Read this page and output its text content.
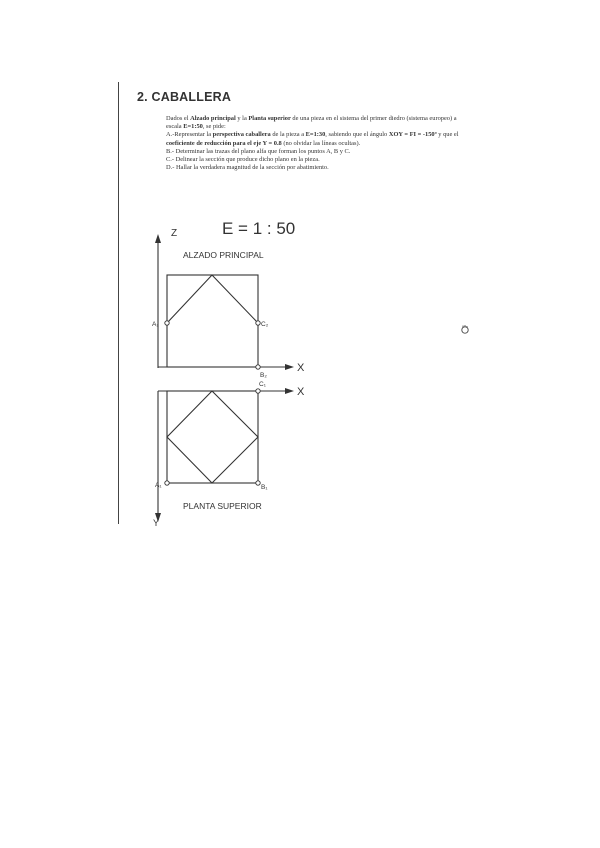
2. CABALLERA

Dados el Alzado principal y la Planta superior de una pieza en el sistema del primer diedro (sistema europeo) a

escala E=1:50, se pide:

A.-Representar la perspectiva caballera de la pieza a E=1:30, sabiendo que el ángulo XOY = FI = -150º y que el
coeficiente de reducción para el eje Y = 0.8 (no olvidar las líneas ocultas).

B.- Determinar las trazas del plano alfa que forman los puntos A, B y C.

C.- Delinear la sección que produce dicho plano en la pieza.

D.- Hallar la verdadera magnitud de la sección por abatimiento.

E = 1 : 50
Z
ALZADO PRINCIPAL
X
A₂	C₂
B₂
X
Y
C₁
A₁	B₁
PLANTA SUPERIOR
